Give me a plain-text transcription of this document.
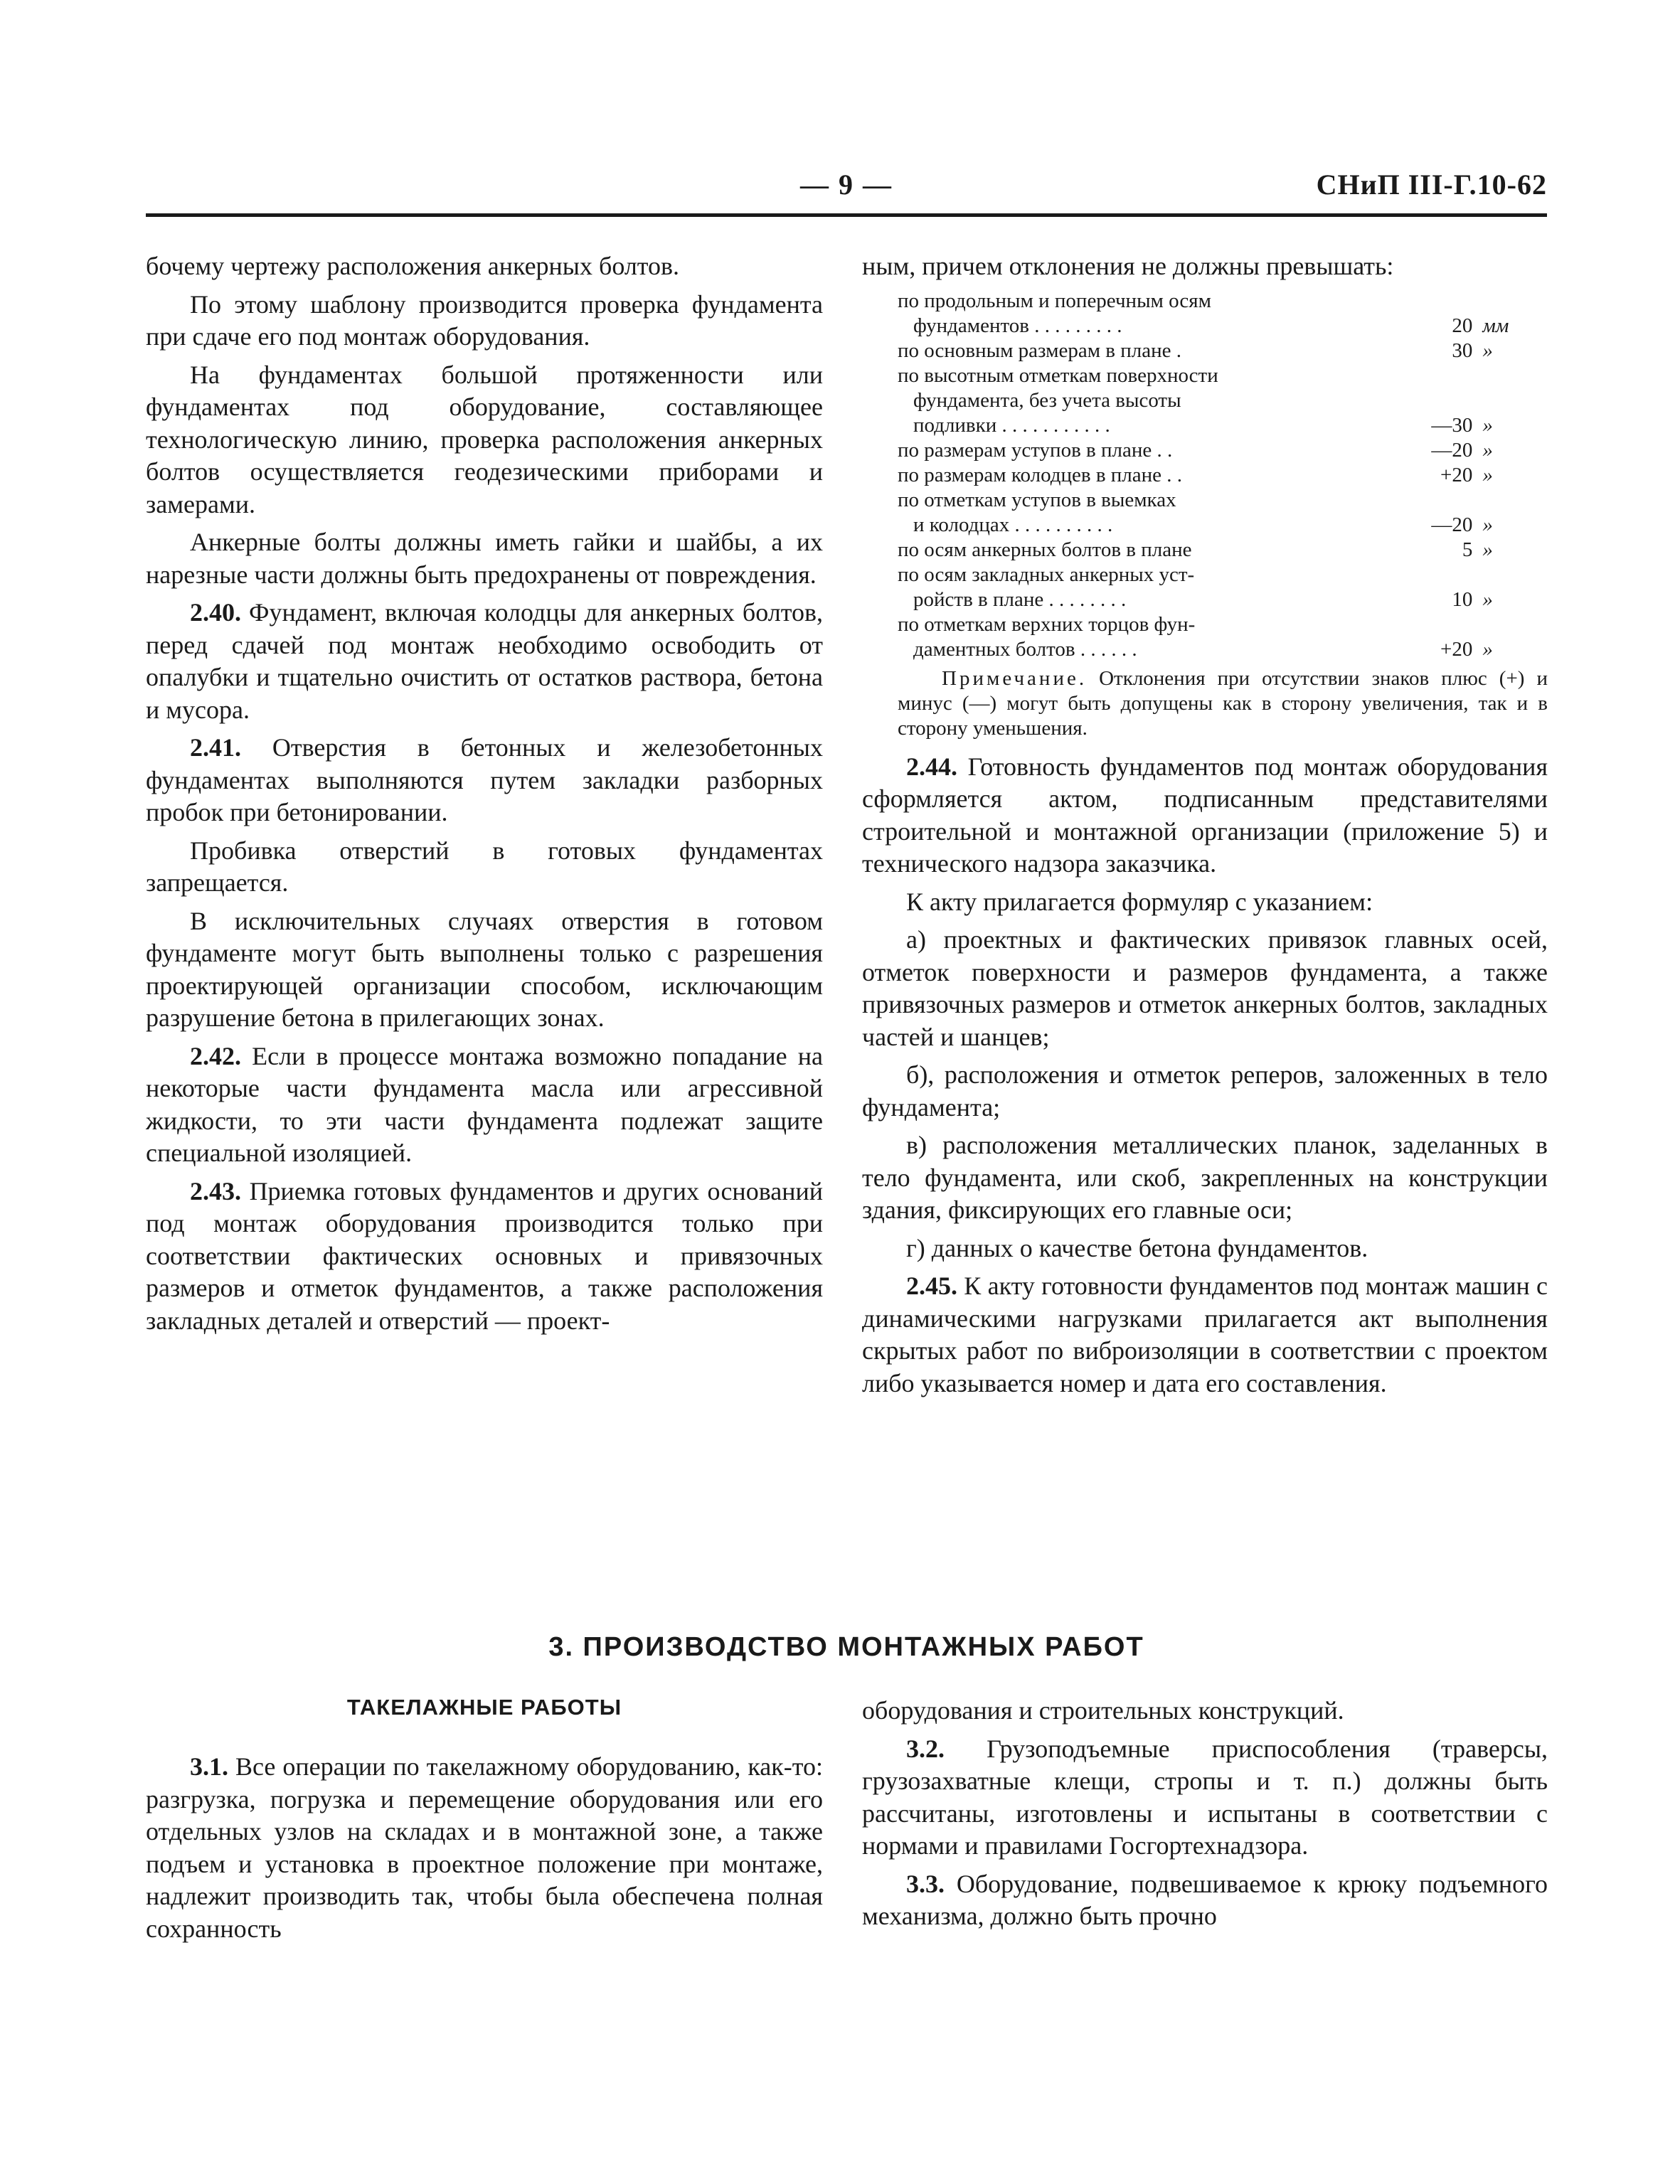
— 9 —	СНиП III-Г.10-62

бочему чертежу расположения анкерных болтов.

По этому шаблону производится проверка фундамента при сдаче его под монтаж оборудования.

На фундаментах большой протяженности или фундаментах под оборудование, составляющее технологическую линию, проверка расположения анкерных болтов осуществляется геодезическими приборами и замерами.

Анкерные болты должны иметь гайки и шайбы, а их нарезные части должны быть предохранены от повреждения.

2.40. Фундамент, включая колодцы для анкерных болтов, перед сдачей под монтаж необходимо освободить от опалубки и тщательно очистить от остатков раствора, бетона и мусора.

2.41. Отверстия в бетонных и железобетонных фундаментах выполняются путем закладки разборных пробок при бетонировании.

Пробивка отверстий в готовых фундаментах запрещается.

В исключительных случаях отверстия в готовом фундаменте могут быть выполнены только с разрешения проектирующей организации способом, исключающим разрушение бетона в прилегающих зонах.

2.42. Если в процессе монтажа возможно попадание на некоторые части фундамента масла или агрессивной жидкости, то эти части фундамента подлежат защите специальной изоляцией.

2.43. Приемка готовых фундаментов и других оснований под монтаж оборудования производится только при соответствии фактических основных и привязочных размеров и отметок фундаментов, а также расположения закладных деталей и отверстий — проект-

ным, причем отклонения не должны превышать:

по продольным и поперечным осям		
фундаментов . . . . . . . . .	20	мм
по основным размерам в плане .	30	»
по высотным отметкам поверхности		
фундамента, без учета высоты		
подливки . . . . . . . . . . .	—30	»
по размерам уступов в плане . .	—20	»
по размерам колодцев в плане . .	+20	»
по отметкам уступов в выемках		
и колодцах . . . . . . . . . .	—20	»
по осям анкерных болтов в плане	5	»
по осям закладных анкерных уст-		
ройств в плане . . . . . . . .	10	»
по отметкам верхних торцов фун-		
даментных болтов . . . . . .	+20	»
Примечание. Отклонения при отсутствии знаков плюс (+) и минус (—) могут быть допущены как в сторону увеличения, так и в сторону уменьшения.

2.44. Готовность фундаментов под монтаж оборудования сформляется актом, подписанным представителями строительной и монтажной организации (приложение 5) и технического надзора заказчика.

К акту прилагается формуляр с указанием:

а) проектных и фактических привязок главных осей, отметок поверхности и размеров фундамента, а также привязочных размеров и отметок анкерных болтов, закладных частей и шанцев;

б), расположения и отметок реперов, заложенных в тело фундамента;

в) расположения металлических планок, заделанных в тело фундамента, или скоб, закрепленных на конструкции здания, фиксирующих его главные оси;

г) данных о качестве бетона фундаментов.

2.45. К акту готовности фундаментов под монтаж машин с динамическими нагрузками прилагается акт выполнения скрытых работ по виброизоляции в соответствии с проектом либо указывается номер и дата его составления.

3. ПРОИЗВОДСТВО МОНТАЖНЫХ РАБОТ
ТАКЕЛАЖНЫЕ РАБОТЫ

3.1. Все операции по такелажному оборудованию, как-то: разгрузка, погрузка и перемещение оборудования или его отдельных узлов на складах и в монтажной зоне, а также подъем и установка в проектное положение при монтаже, надлежит производить так, чтобы была обеспечена полная сохранность

оборудования и строительных конструкций.

3.2. Грузоподъемные приспособления (траверсы, грузозахватные клещи, стропы и т. п.) должны быть рассчитаны, изготовлены и испытаны в соответствии с нормами и правилами Госгортехнадзора.

3.3. Оборудование, подвешиваемое к крюку подъемного механизма, должно быть прочно
